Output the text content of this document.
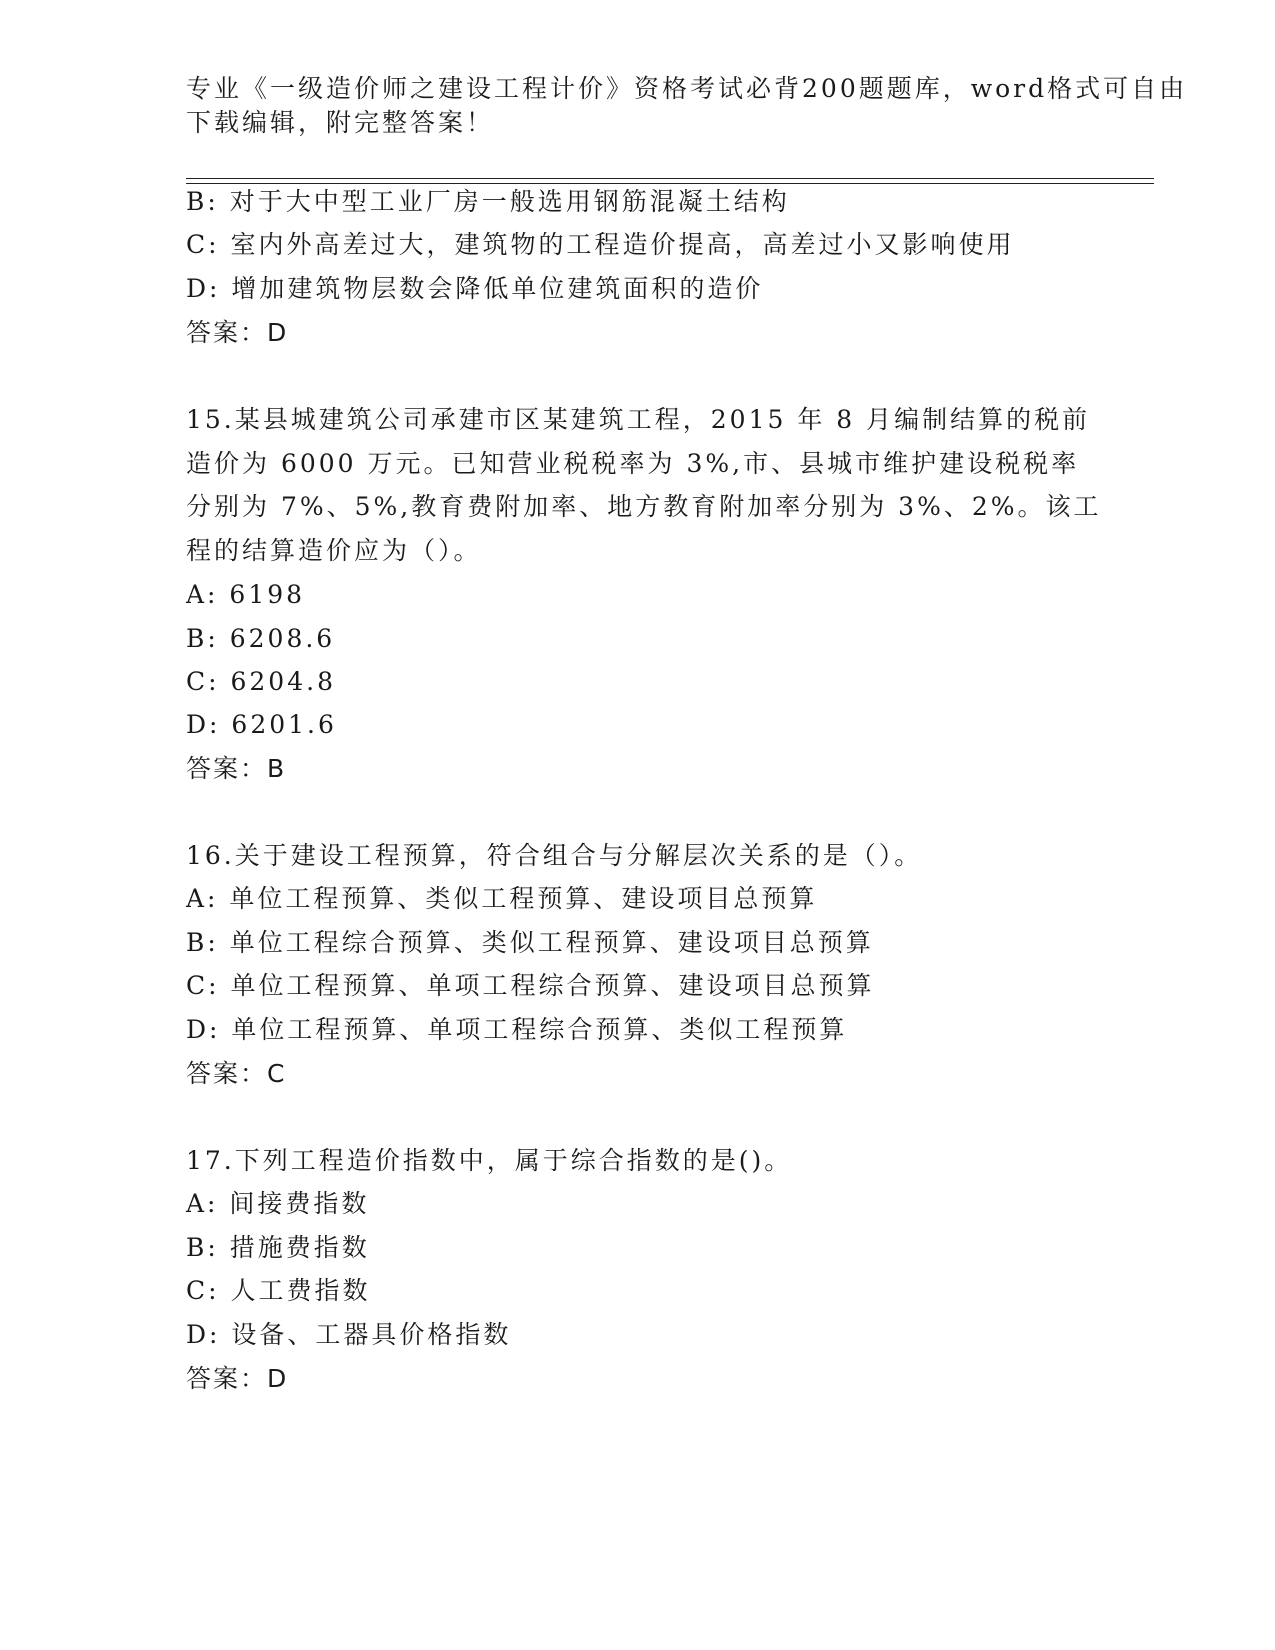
专业《一级造价师之建设工程计价》资格考试必背200题题库，word格式可自由
下载编辑，附完整答案！
B: 对于大中型工业厂房一般选用钢筋混凝土结构
C: 室内外高差过大，建筑物的工程造价提高，高差过小又影响使用
D: 增加建筑物层数会降低单位建筑面积的造价
答案：D
15.某县城建筑公司承建市区某建筑工程，2015 年 8 月编制结算的税前
造价为 6000 万元。已知营业税税率为 3%,市、县城市维护建设税税率
分别为 7%、5%,教育费附加率、地方教育附加率分别为 3%、2%。该工
程的结算造价应为（）。
A: 6198
B: 6208.6
C: 6204.8
D: 6201.6
答案：B
16.关于建设工程预算，符合组合与分解层次关系的是（）。
A: 单位工程预算、类似工程预算、建设项目总预算
B: 单位工程综合预算、类似工程预算、建设项目总预算
C: 单位工程预算、单项工程综合预算、建设项目总预算
D: 单位工程预算、单项工程综合预算、类似工程预算
答案：C
17.下列工程造价指数中，属于综合指数的是()。
A: 间接费指数
B: 措施费指数
C: 人工费指数
D: 设备、工器具价格指数
答案：D
